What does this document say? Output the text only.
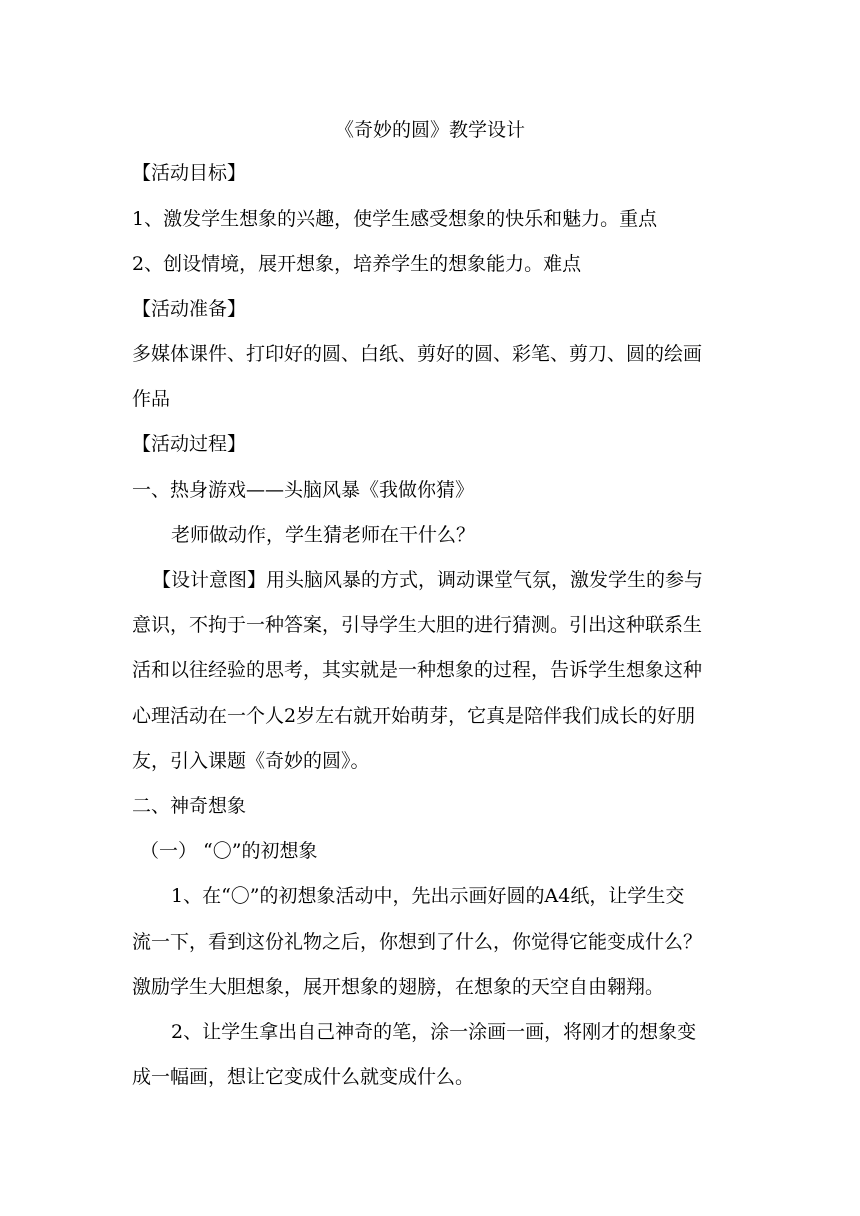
《奇妙的圆》教学设计
【活动目标】
1、激发学生想象的兴趣，使学生感受想象的快乐和魅力。重点
2、创设情境，展开想象，培养学生的想象能力。难点
【活动准备】
多媒体课件、打印好的圆、白纸、剪好的圆、彩笔、剪刀、圆的绘画
作品
【活动过程】
一、热身游戏——头脑风暴《我做你猜》
老师做动作，学生猜老师在干什么？
【设计意图】用头脑风暴的方式，调动课堂气氛，激发学生的参与
意识，不拘于一种答案，引导学生大胆的进行猜测。引出这种联系生
活和以往经验的思考，其实就是一种想象的过程，告诉学生想象这种
心理活动在一个人2岁左右就开始萌芽，它真是陪伴我们成长的好朋
友，引入课题《奇妙的圆》。
二、神奇想象
（一） “〇”的初想象
1、在“〇”的初想象活动中，先出示画好圆的A4纸，让学生交
流一下，看到这份礼物之后，你想到了什么，你觉得它能变成什么？
激励学生大胆想象，展开想象的翅膀，在想象的天空自由翱翔。
2、让学生拿出自己神奇的笔，涂一涂画一画，将刚才的想象变
成一幅画，想让它变成什么就变成什么。
